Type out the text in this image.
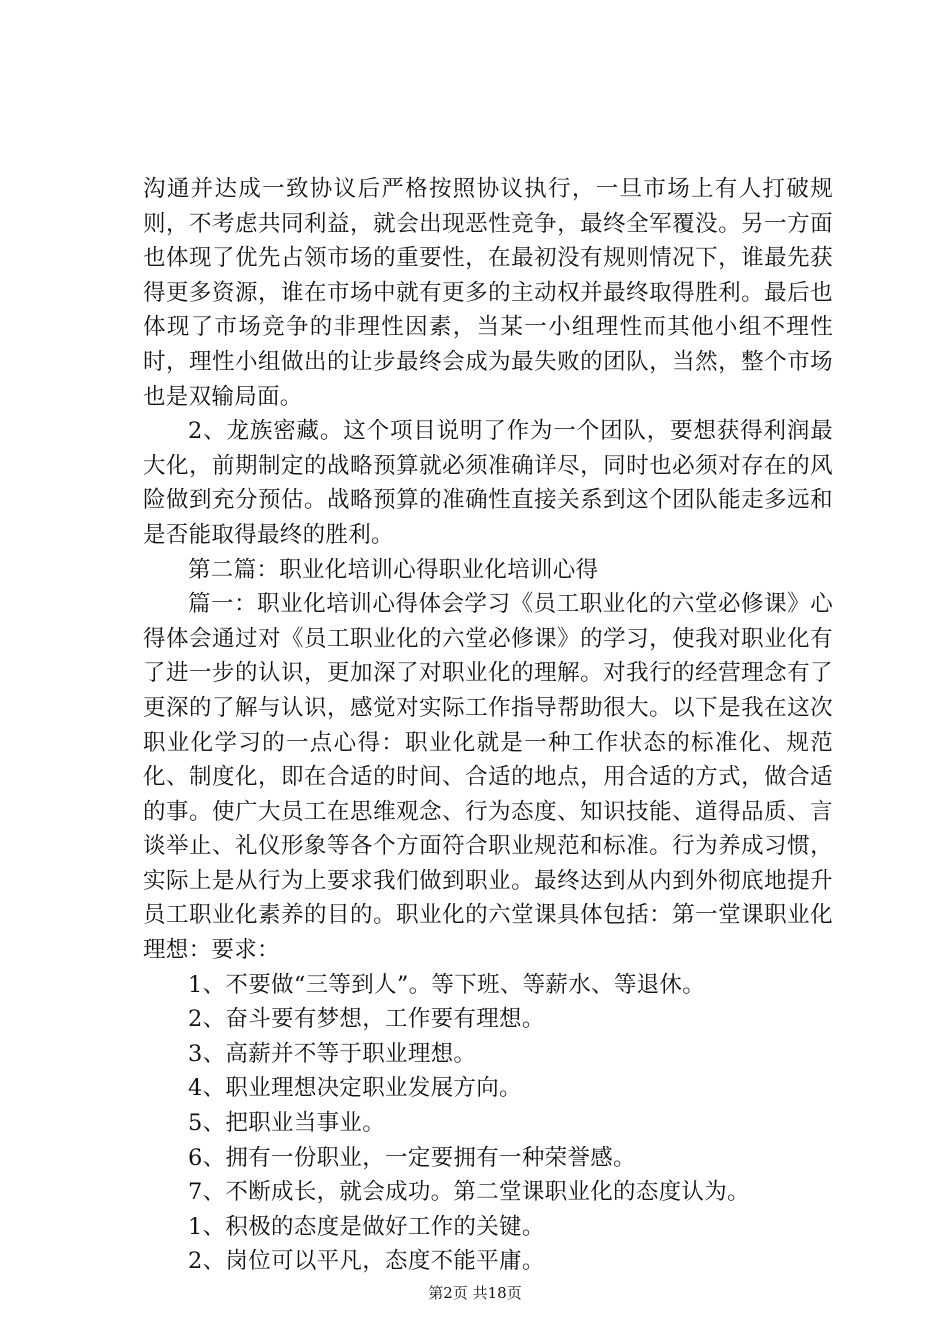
沟通并达成一致协议后严格按照协议执行，一旦市场上有人打破规则，不考虑共同利益，就会出现恶性竞争，最终全军覆没。另一方面也体现了优先占领市场的重要性，在最初没有规则情况下，谁最先获得更多资源，谁在市场中就有更多的主动权并最终取得胜利。最后也体现了市场竞争的非理性因素，当某一小组理性而其他小组不理性时，理性小组做出的让步最终会成为最失败的团队，当然，整个市场也是双输局面。

2、龙族密藏。这个项目说明了作为一个团队，要想获得利润最大化，前期制定的战略预算就必须准确详尽，同时也必须对存在的风险做到充分预估。战略预算的准确性直接关系到这个团队能走多远和是否能取得最终的胜利。

第二篇：职业化培训心得职业化培训心得

篇一：职业化培训心得体会学习《员工职业化的六堂必修课》心得体会通过对《员工职业化的六堂必修课》的学习，使我对职业化有了进一步的认识，更加深了对职业化的理解。对我行的经营理念有了更深的了解与认识，感觉对实际工作指导帮助很大。以下是我在这次职业化学习的一点心得：职业化就是一种工作状态的标准化、规范化、制度化，即在合适的时间、合适的地点，用合适的方式，做合适的事。使广大员工在思维观念、行为态度、知识技能、道得品质、言谈举止、礼仪形象等各个方面符合职业规范和标准。行为养成习惯，实际上是从行为上要求我们做到职业。最终达到从内到外彻底地提升员工职业化素养的目的。职业化的六堂课具体包括：第一堂课职业化理想：要求：

1、不要做“三等到人”。等下班、等薪水、等退休。

2、奋斗要有梦想，工作要有理想。

3、高薪并不等于职业理想。

4、职业理想决定职业发展方向。

5、把职业当事业。

6、拥有一份职业，一定要拥有一种荣誉感。

7、不断成长，就会成功。第二堂课职业化的态度认为。

1、积极的态度是做好工作的关键。

2、岗位可以平凡，态度不能平庸。

第2页 共18页
